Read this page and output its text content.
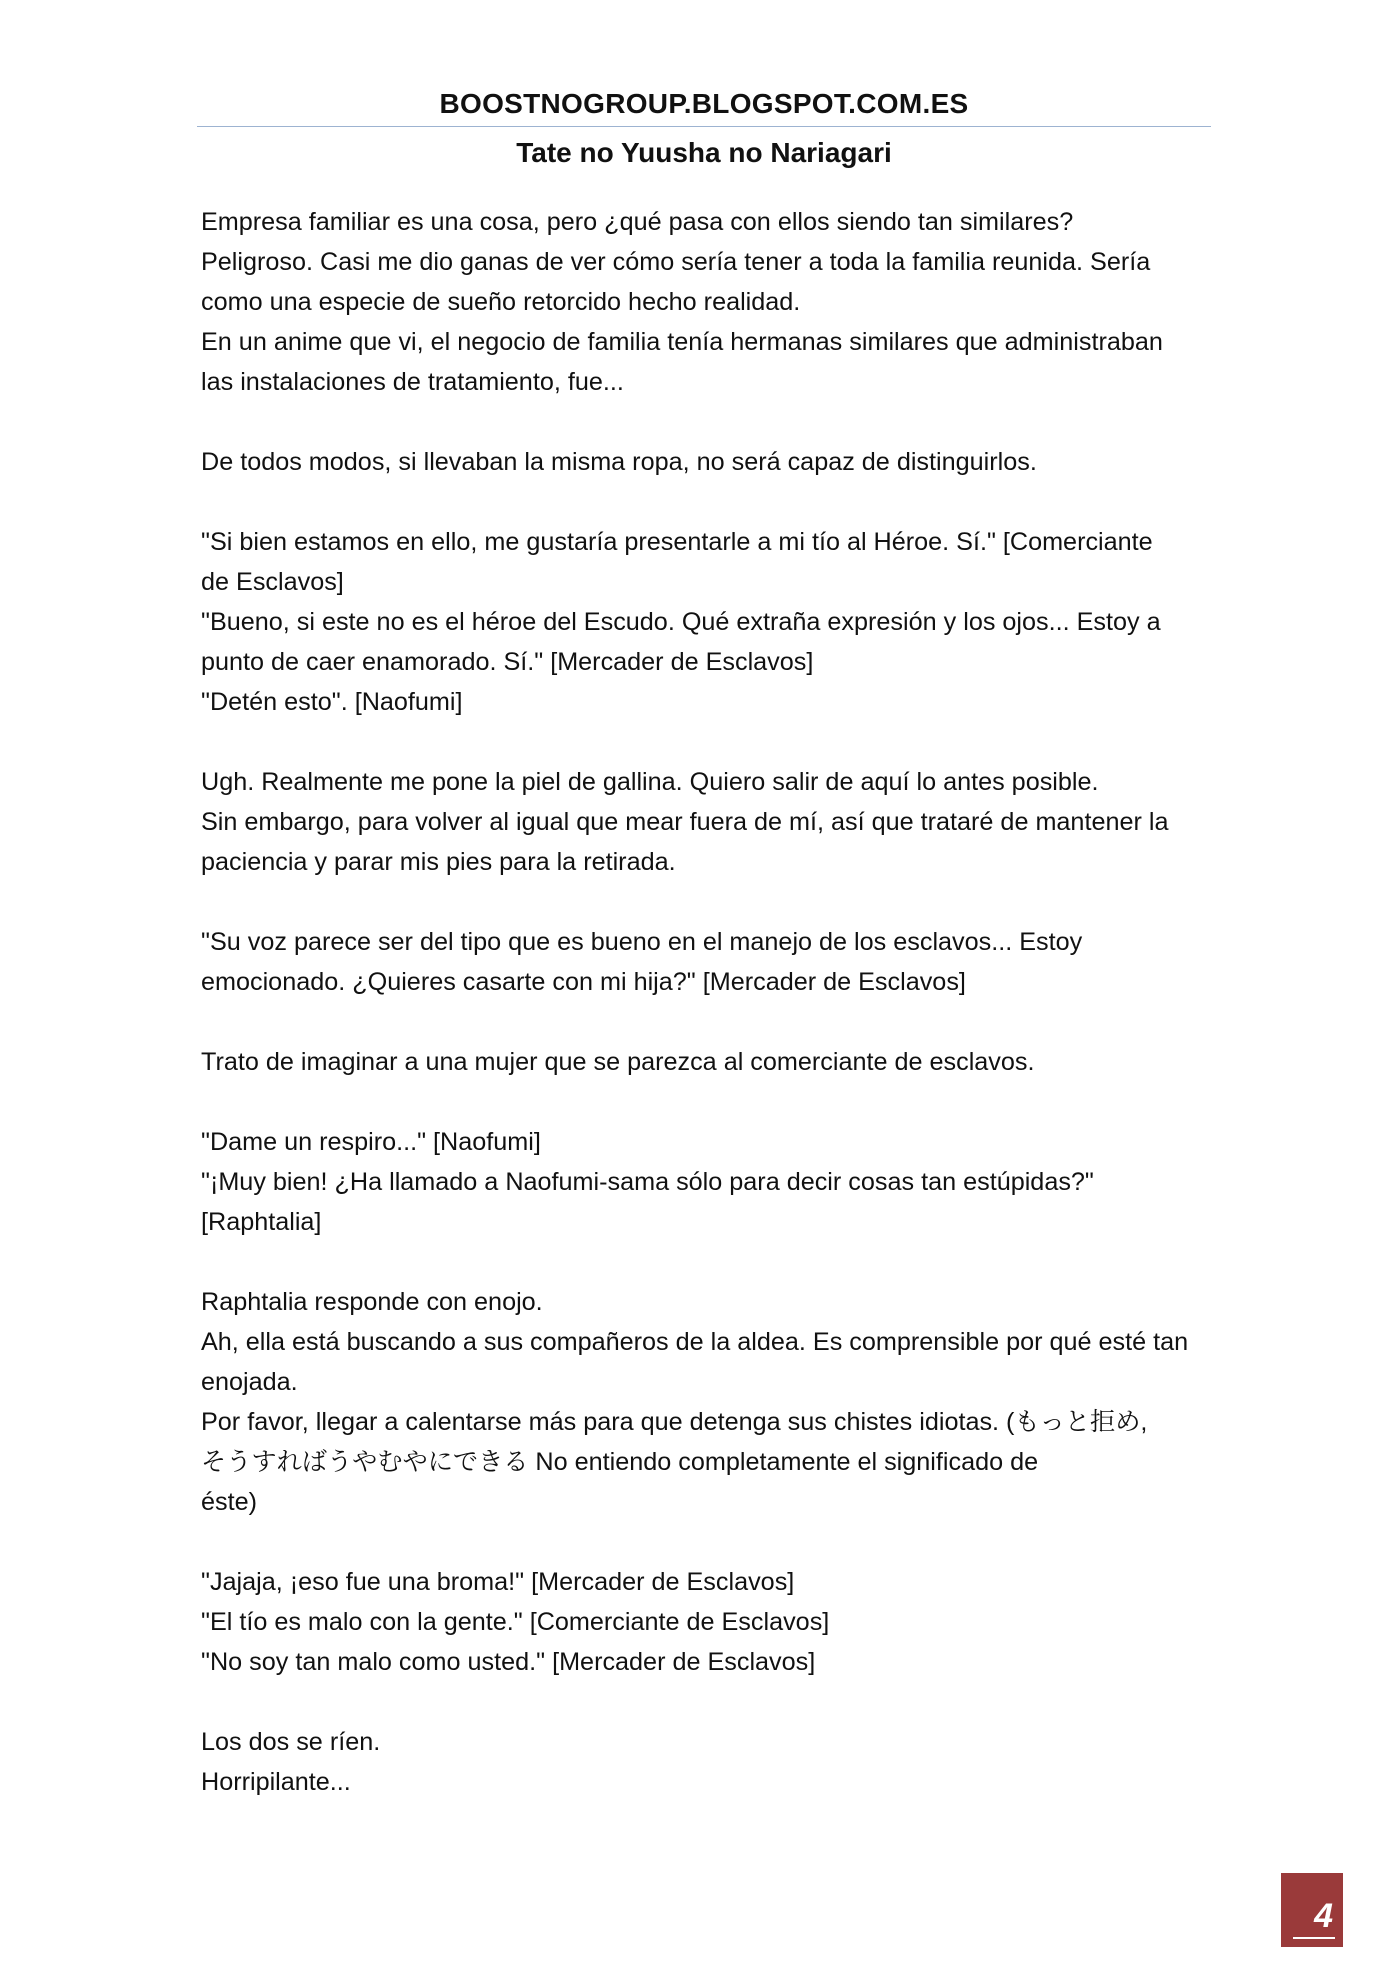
BOOSTNOGROUP.BLOGSPOT.COM.ES
Tate no Yuusha no Nariagari
Empresa familiar es una cosa, pero ¿qué pasa con ellos siendo tan similares?
Peligroso. Casi me dio ganas de ver cómo sería tener a toda la familia reunida. Sería
como una especie de sueño retorcido hecho realidad.
En un anime que vi, el negocio de familia tenía hermanas similares que administraban
las instalaciones de tratamiento, fue...
De todos modos, si llevaban la misma ropa, no será capaz de distinguirlos.
"Si bien estamos en ello, me gustaría presentarle a mi tío al Héroe. Sí." [Comerciante
de Esclavos]
"Bueno, si este no es el héroe del Escudo. Qué extraña expresión y los ojos... Estoy a
punto de caer enamorado. Sí." [Mercader de Esclavos]
"Detén esto". [Naofumi]
Ugh. Realmente me pone la piel de gallina. Quiero salir de aquí lo antes posible.
Sin embargo, para volver al igual que mear fuera de mí, así que trataré de mantener la
paciencia y parar mis pies para la retirada.
"Su voz parece ser del tipo que es bueno en el manejo de los esclavos... Estoy
emocionado. ¿Quieres casarte con mi hija?" [Mercader de Esclavos]
Trato de imaginar a una mujer que se parezca al comerciante de esclavos.
"Dame un respiro..." [Naofumi]
"¡Muy bien! ¿Ha llamado a Naofumi-sama sólo para decir cosas tan estúpidas?"
[Raphtalia]
Raphtalia responde con enojo.
Ah, ella está buscando a sus compañeros de la aldea. Es comprensible por qué esté tan
enojada.
Por favor, llegar a calentarse más para que detenga sus chistes idiotas. (もっと拒め,
そうすればうやむやにできる No entiendo completamente el significado de
éste)
"Jajaja, ¡eso fue una broma!" [Mercader de Esclavos]
"El tío es malo con la gente." [Comerciante de Esclavos]
"No soy tan malo como usted." [Mercader de Esclavos]
Los dos se ríen.
Horripilante...
4
